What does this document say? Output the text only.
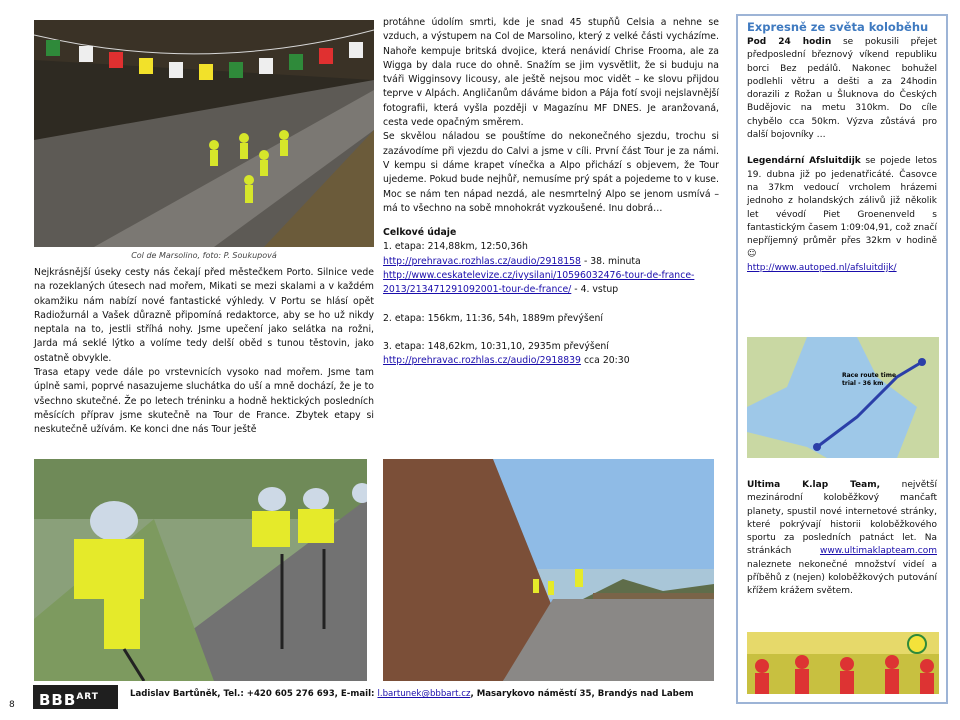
Col de Marsolino, foto: P. Soukupová

Nejkrásnější úseky cesty nás čekají před městečkem Porto. Silnice vede na rozeklaných útesech nad mořem, Mikati se mezi skalami a v každém okamžiku nám nabízí nové fantastické výhledy. V Portu se hlásí opět Radiožurnál a Vašek důrazně připomíná redaktorce, aby se ho už nikdy neptala na to, jestli stříhá nohy. Jsme upečení jako selátka na rožni, Jarda má seklé lýtko a volíme tedy delší oběd s tunou těstovin, jako ostatně obvykle.

Trasa etapy vede dále po vrstevnicích vysoko nad mořem. Jsme tam úplně sami, poprvé nasazujeme sluchátka do uší a mně dochází, že je to všechno skutečné. Že po letech tréninku a hodně hektických posledních měsících příprav jsme skutečně na Tour de France. Zbytek etapy si neskutečně užívám. Ke konci dne nás Tour ještě

protáhne údolím smrti, kde je snad 45 stupňů Celsia a nehne se vzduch, a výstupem na Col de Marsolino, který z velké části vycházíme. Nahoře kempuje britská dvojice, která nenávidí Chrise Frooma, ale za Wigga by dala ruce do ohně. Snažím se jim vysvětlit, že si buduju na tváři Wigginsovy licousy, ale ještě nejsou moc vidět – ke slovu přijdou teprve v Alpách. Angličanům dáváme bidon a Pája fotí svoji nejslavnější fotografii, která vyšla později v Magazínu MF DNES. Je aranžovaná, cesta vede opačným směrem.

Se skvělou náladou se pouštíme do nekonečného sjezdu, trochu si zazávodíme při vjezdu do Calvi a jsme v cíli. První část Tour je za námi. V kempu si dáme krapet vínečka a Alpo přichází s objevem, že Tour ujedeme. Pokud bude nejhůř, nemusíme prý spát a pojedeme to v kuse. Moc se nám ten nápad nezdá, ale nesmrtelný Alpo se jenom usmívá – má to všechno na sobě mnohokrát vyzkoušené. Inu dobrá…

Celkové údaje

1. etapa: 214,88km, 12:50,36h

http://prehravac.rozhlas.cz/audio/2918158 - 38. minuta

http://www.ceskatelevize.cz/ivysilani/10596032476-tour-de-france-2013/213471291092001-tour-de-france/ - 4. vstup

2. etapa: 156km, 11:36, 54h, 1889m převýšení

3. etapa: 148,62km, 10:31,10, 2935m převýšení

http://prehravac.rozhlas.cz/audio/2918839 cca 20:30

Expresně ze světa koloběhu

Pod 24 hodin se pokusili přejet předposlední březnový víkend republiku borci Bez pedálů. Nakonec bohužel podlehli větru a dešti a za 24hodin dorazili z Rožan u Šluknova do Českých Budějovic na metu 310km. Do cíle chybělo cca 50km. Výzva zůstává pro další bojovníky …

Legendární Afsluitdijk se pojede letos 19. dubna již po jedenatřicáté. Časovce na 37km vedoucí vrcholem hrázemi jednoho z holandských zálivů již několik let vévodí Piet Groenenveld s fantastickým časem 1:09:04,91, což značí nepříjemný průměr přes 32km v hodině ☺

http://www.autoped.nl/afsluitdijk/

Race route time trial - 36 km

Ultima K.lap Team, největší mezinárodní koloběžkový mančaft planety, spustil nové internetové stránky, které pokrývají historii koloběžkového sportu za posledních patnáct let. Na stránkách www.ultimaklapteam.com naleznete nekonečné množství videí a příběhů z (nejen) koloběžkových putování křížem krážem světem.

$BBB^{ART}$	Ladislav Bartůněk, Tel.: +420 605 276 693, E-mail: l.bartunek@bbbart.cz, Masarykovo náměstí 35, Brandýs nad Labem
8
